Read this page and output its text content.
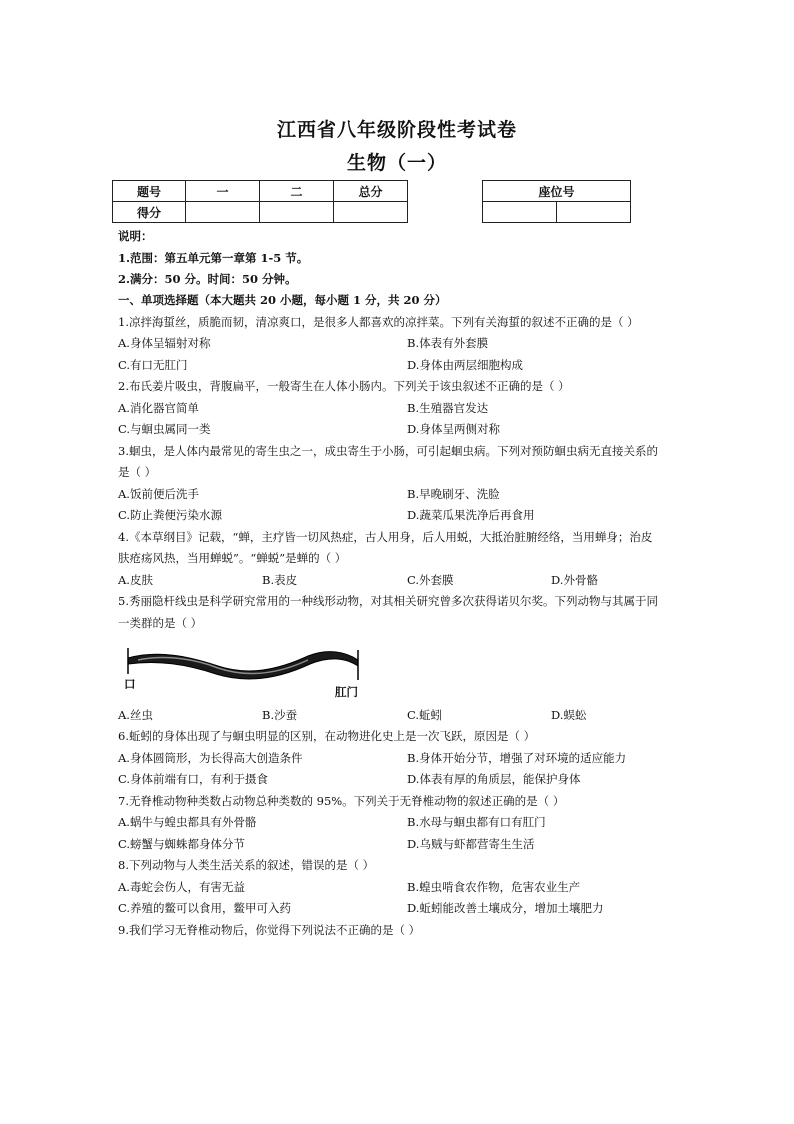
江西省八年级阶段性考试卷
生物（一）
题号	一	二	总分
得分			
座位号

说明：
1.范围：第五单元第一章第 1-5 节。
2.满分：50 分。时间：50 分钟。
一、单项选择题（本大题共 20 小题，每小题 1 分，共 20 分）
1.凉拌海蜇丝，质脆而韧，清凉爽口，是很多人都喜欢的凉拌菜。下列有关海蜇的叙述不正确的是（ ）
A.身体呈辐射对称	B.体表有外套膜
C.有口无肛门	D.身体由两层细胞构成
2.布氏姜片吸虫，背腹扁平，一般寄生在人体小肠内。下列关于该虫叙述不正确的是（ ）
A.消化器官简单	B.生殖器官发达
C.与蛔虫属同一类	D.身体呈两侧对称
3.蛔虫，是人体内最常见的寄生虫之一，成虫寄生于小肠，可引起蛔虫病。下列对预防蛔虫病无直接关系的
是（ ）
A.饭前便后洗手	B.早晚刷牙、洗脸
C.防止粪便污染水源	D.蔬菜瓜果洗净后再食用
4.《本草纲目》记载，“蝉，主疗皆一切风热症，古人用身，后人用蜕，大抵治脏腑经络，当用蝉身；治皮
肤疮疡风热，当用蝉蜕”。“蝉蜕”是蝉的（ ）
A.皮肤	B.表皮	C.外套膜	D.外骨骼
5.秀丽隐杆线虫是科学研究常用的一种线形动物，对其相关研究曾多次获得诺贝尔奖。下列动物与其属于同
一类群的是（ ）
口
肛门
A.丝虫	B.沙蚕	C.蚯蚓	D.蜈蚣
6.蚯蚓的身体出现了与蛔虫明显的区别，在动物进化史上是一次飞跃，原因是（ ）
A.身体圆筒形，为长得高大创造条件	B.身体开始分节，增强了对环境的适应能力
C.身体前端有口，有利于摄食	D.体表有厚的角质层，能保护身体
7.无脊椎动物种类数占动物总种类数的 95%。下列关于无脊椎动物的叙述正确的是（ ）
A.蜗牛与蝗虫都具有外骨骼	B.水母与蛔虫都有口有肛门
C.螃蟹与蜘蛛都身体分节	D.乌贼与虾都营寄生生活
8.下列动物与人类生活关系的叙述，错误的是（ ）
A.毒蛇会伤人，有害无益	B.蝗虫啃食农作物，危害农业生产
C.养殖的鳖可以食用，鳖甲可入药	D.蚯蚓能改善土壤成分，增加土壤肥力
9.我们学习无脊椎动物后，你觉得下列说法不正确的是（ ）
